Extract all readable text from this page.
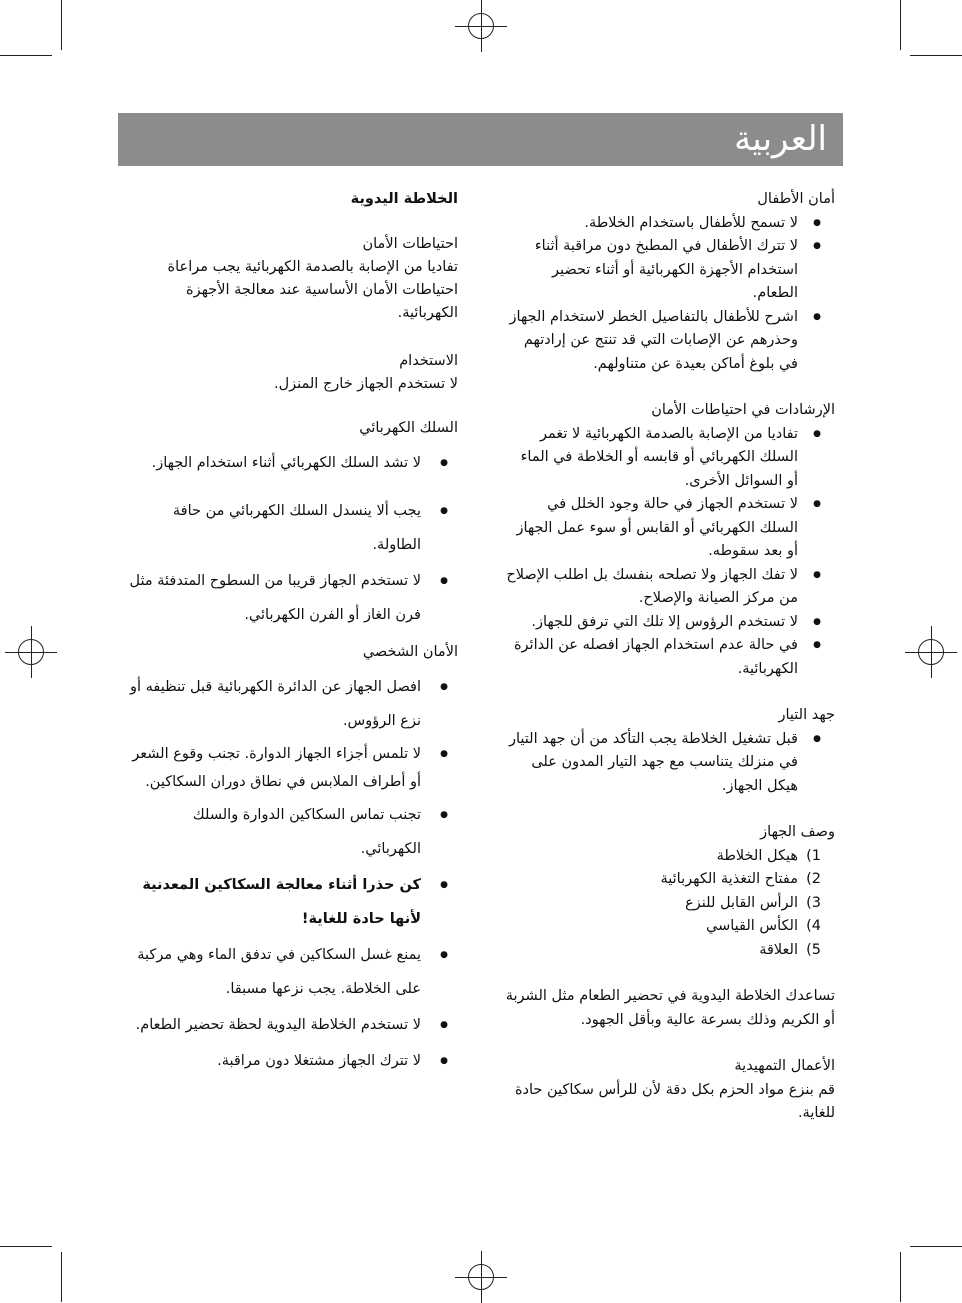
العربية
أمان الأطفال
● لا تسمح للأطفال باستخدام الخلاطة.
● لا تترك الأطفال في المطبخ دون مراقبة أثناء استخدام الأجهزة الكهربائية أو أثناء تحضير الطعام.
● اشرح للأطفال بالتفاصيل الخطر لاستخدام الجهاز وحذرهم عن الإصابات التي قد تنتج عن إرادتهم في بلوغ أماكن بعيدة عن متناولهم.
الإرشادات في احتياطات الأمان
● تفاديا من الإصابة بالصدمة الكهربائية لا تغمر السلك الكهربائي أو قابسه أو الخلاطة في الماء أو السوائل الأخرى.
● لا تستخدم الجهاز في حالة وجود الخلل في السلك الكهربائي أو القابس أو سوء عمل الجهاز أو بعد سقوطه.
● لا تفك الجهاز ولا تصلحه بنفسك بل اطلب الإصلاح من مركز الصيانة والإصلاح.
● لا تستخدم الرؤوس إلا تلك التي ترفق للجهاز.
● في حالة عدم استخدام الجهاز افصله عن الدائرة الكهربائية.
جهد التيار
● قبل تشغيل الخلاطة يجب التأكد من أن جهد التيار في منزلك يتناسب مع جهد التيار المدون على هيكل الجهاز.
وصف الجهاز
1)
هيكل الخلاطة
2)
مفتاح التغذية الكهربائية
3)
الرأس القابل للنزع
4)
الكأس القياسي
5)
العلاقة

تساعدك الخلاطة اليدوية في تحضير الطعام مثل الشربة أو الكريم وذلك بسرعة عالية وبأقل الجهود.

الأعمال التمهيدية

قم بنزع مواد الحزم بكل دقة لأن للرأس سكاكين حادة للغاية.

الخلاطة اليدوية
احتياطات الأمان

تفاديا من الإصابة بالصدمة الكهربائية يجب مراعاة احتياطات الأمان الأساسية عند معالجة الأجهزة الكهربائية.

الاستخدام

لا تستخدم الجهاز خارج المنزل.

السلك الكهربائي
● لا تشد السلك الكهربائي أثناء استخدام الجهاز.
● يجب ألا ينسدل السلك الكهربائي من حافة الطاولة.
● لا تستخدم الجهاز قريبا من السطوح المتدفئة مثل فرن الغاز أو الفرن الكهربائي.
الأمان الشخصي
● افصل الجهاز عن الدائرة الكهربائية قبل تنظيفه أو نزع الرؤوس.
● لا تلمس أجزاء الجهاز الدوارة. تجنب وقوع الشعر أو أطراف الملابس في نطاق دوران السكاكين.
● تجنب تماس السكاكين الدوارة والسلك الكهربائي.
● كن حذرا أثناء معالجة السكاكين المعدنية لأنها حادة للغاية!
● يمنع غسل السكاكين في تدفق الماء وهي مركبة على الخلاطة. يجب نزعها مسبقا.
● لا تستخدم الخلاطة اليدوية لحظة تحضير الطعام.
● لا تترك الجهاز مشتغلا دون مراقبة.
